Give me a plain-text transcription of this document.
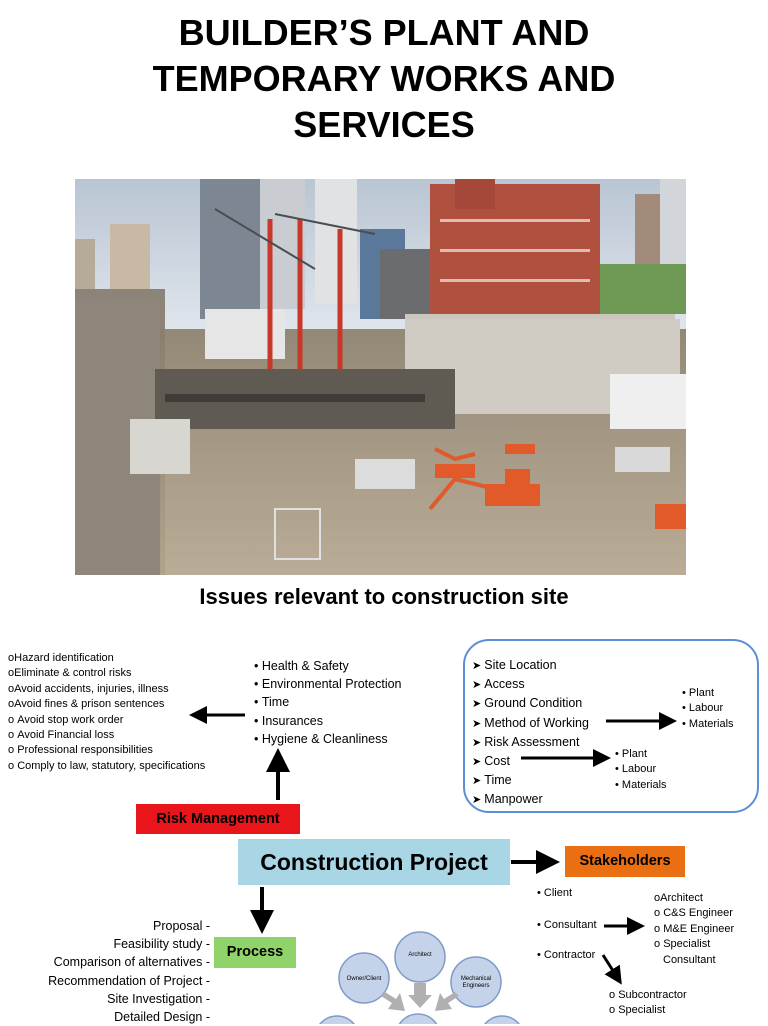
BUILDER’S PLANT AND
TEMPORARY WORKS AND
SERVICES
Issues relevant to construction site
o Hazard identification
o Eliminate & control risks
o Avoid accidents, injuries, illness
o Avoid fines & prison sentences
o Avoid stop work order
o Avoid Financial loss
o Professional responsibilities
o Comply to law, statutory, specifications
• Health & Safety
• Environmental Protection
• Time
• Insurances
• Hygiene & Cleanliness
➤ Site Location
➤ Access
➤ Ground Condition
➤ Method of Working
➤ Risk Assessment
➤ Cost
➤ Time
➤ Manpower
• Plant
• Labour
• Materials
• Plant
• Labour
• Materials
Risk Management
Construction Project	Stakeholders
Process
• Client
• Consultant
• Contractor
o Architect
o C&S Engineer
o M&E Engineer
o Specialist
Consultant
o Subcontractor
o Specialist
Proposal -
Feasibility study -
Comparison of alternatives -
Recommendation of Project -
Site Investigation -
Detailed Design -
Architect
Owner/Client	Mechanical
Engineers
